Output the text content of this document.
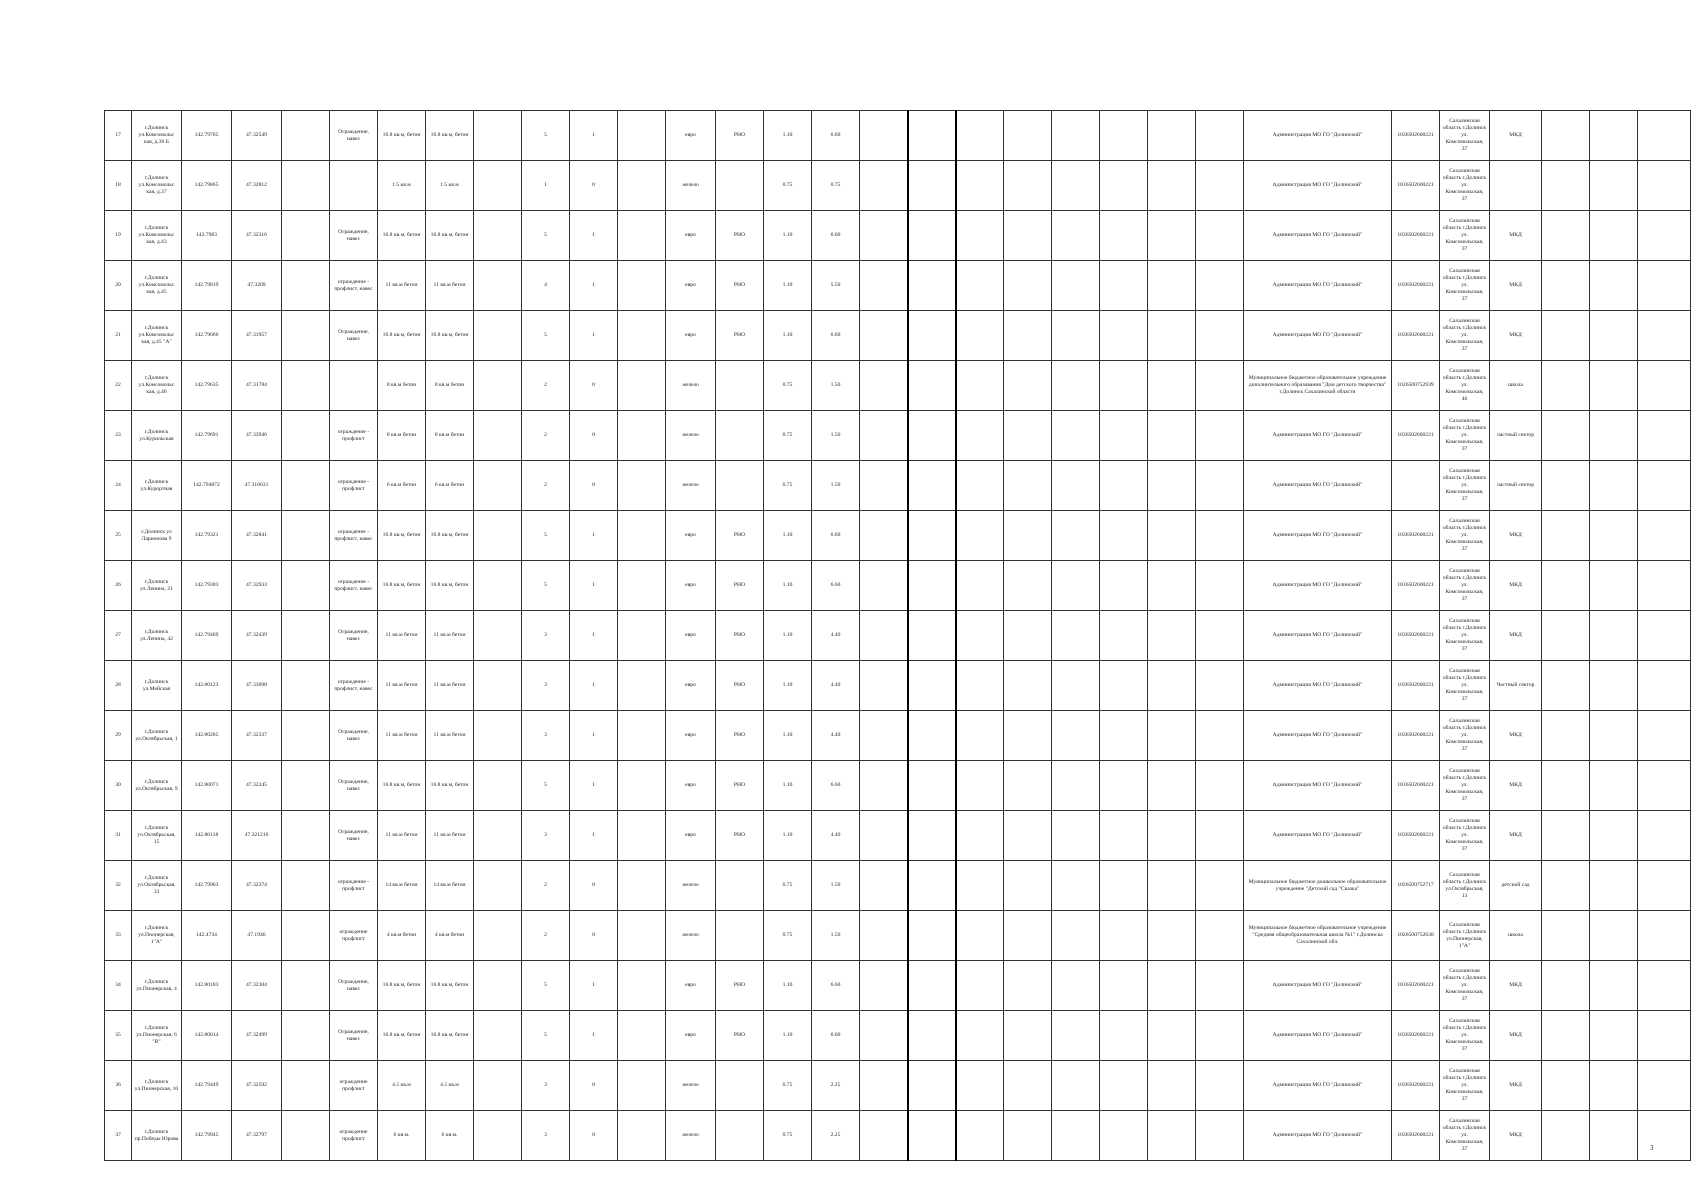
17	г.Долинск ул.Комсомольс кая, д.36 Б	142.79705	47.32549		Ограждение, навес	16.8 кв.м, бетон	16.8 кв.м, бетон		5	1		евро	РНО	1.10	6.60									Администрация МО ГО "Долинский"	1036502600221	Сахалинская область г.Долинск ул. Комсомольская, 37	МКД			
18	г.Долинск ул.Комсомольс кая, д.37	142.79865	47.32812			1.5 кв.м	1.5 кв.м		1	0		железо		0.75	0.75									Администрация МО ГО "Долинский"	1036502600221	Сахалинская область г.Долинск ул. Комсомольская, 37				
19	г.Долинск ул.Комсомольс кая, д.43	142.7983	47.32316		Ограждение, навес	16.8 кв.м, бетон	16.8 кв.м, бетон		5	1		евро	РНО	1.10	6.60									Администрация МО ГО "Долинский"	1036502600221	Сахалинская область г.Долинск ул. Комсомольская, 37	МКД			
20	г.Долинск ул.Комсомольс кая, д.45	142.79819	47.3209		ограждение - профлист, навес	11 кв.м бетон	11 кв.м бетон		4	1		евро	РНО	1.10	5.50									Администрация МО ГО "Долинский"	1036502600221	Сахалинская область г.Долинск ул. Комсомольская, 37	МКД			
21	г.Долинск ул.Комсомольс кая, д.45 "А"	142.79666	47.31957		Ограждение, навес	16.8 кв.м, бетон	16.8 кв.м, бетон		5	1		евро	РНО	1.10	6.60									Администрация МО ГО "Долинский"	1036502600221	Сахалинская область г.Долинск ул. Комсомольская, 37	МКД			
22	г.Долинск ул.Комсомольс кая, д.46	142.79635	47.31784			8 кв.м бетон	8 кв.м бетон		2	0		железо		0.75	1.50									Муниципальное бюджетное образовательное учреждение дополнительного образования "Дом детского творчества" г.Долинск Сахалинской области	1026500752939	Сахалинская область г.Долинск ул. Комсомольская, 46	школа			
23	г.Долинск ул.Курильская	142.79691	47.33946		ограждение - профлист	8 кв.м бетон	8 кв.м бетон		2	0		железо		0.75	1.50									Администрация МО ГО "Долинский"	1036502600221	Сахалинская область г.Долинск ул. Комсомольская, 37	частный сектор			
24	г.Долинск ул.Курортная	142.794872	47.316631		ограждение - профлист	6 кв.м бетон	6 кв.м бетон		2	0		железо		0.75	1.50									Администрация МО ГО "Долинский"		Сахалинская область г.Долинск ул. Комсомольская, 37	частный сектор			
25	г.Долинск ул Ларионова 9	142.79321	47.32841		ограждение - профлист, навес	16.8 кв.м, бетон	16.8 кв.м, бетон		5	1		евро	РНО	1.10	6.60									Администрация МО ГО "Долинский"	1036502600221	Сахалинская область г.Долинск ул. Комсомольская, 37	МКД			
26	г.Долинск ул.Ленина, 21	142.79303	47.32933		ограждение - профлист, навес	16.8 кв.м, бетон	16.8 кв.м, бетон		5	1		евро	РНО	1.10	6.60									Администрация МО ГО "Долинский"	1036502600221	Сахалинская область г.Долинск ул. Комсомольская, 37	МКД			
27	г.Долинск ул.Ленина, 42	142.79469	47.32439		Ограждение, навес	11 кв.м бетон	11 кв.м бетон		3	1		евро	РНО	1.10	4.40									Администрация МО ГО "Долинский"	1036502600221	Сахалинская область г.Долинск ул. Комсомольская, 37	МКД			
28	г.Долинск ул.Мейская	142.80123	47.33098		ограждение - профлист, навес	11 кв.м бетон	11 кв.м бетон		3	1		евро	РНО	1.10	4.40									Администрация МО ГО "Долинский"	1036502600221	Сахалинская область г.Долинск ул. Комсомольская, 37	Частный сектор			
29	г.Долинск ул.Октябрьская, 1	142.80285	47.32337		Ограждение, навес	11 кв.м бетон	11 кв.м бетон		3	1		евро	РНО	1.10	4.40									Администрация МО ГО "Долинский"	1036502600221	Сахалинская область г.Долинск ул. Комсомольская, 37	МКД			
30	г.Долинск ул.Октябрьская, 9	142.80071	47.32245		Ограждение, навес	16.8 кв.м, бетон	16.8 кв.м, бетон		5	1		евро	РНО	1.10	6.60									Администрация МО ГО "Долинский"	1036502600221	Сахалинская область г.Долинск ул. Комсомольская, 37	МКД			
31	г.Долинск ул.Октябрьская, 15	142.80118	47.321216		Ограждение, навес	11 кв.м бетон	11 кв.м бетон		3	1		евро	РНО	1.10	4.40									Администрация МО ГО "Долинский"	1036502600221	Сахалинская область г.Долинск ул. Комсомольская, 37	МКД			
32	г.Долинск ул.Октябрьская, 13	142.79963	47.32374		ограждение - профлист	14 кв.м бетон	14 кв.м бетон		2	0		железо		0.75	1.50									Муниципальное бюджетное дошкольное образовательное учреждение "Детский сад "Сказка"	1026500752717	Сахалинская область г.Долинск ул.Октябрьская, 13	детский сад			
33	г.Долинск ул.Пионерская, 1"А"	142.4734	47.1946		ограждение профлист	4 кв.м бетон	4 кв.м бетон		2	0		железо		0.75	1.50									Муниципальное бюджетное образовательное учреждение "Средняя общеобразовательная школа №1" г.Долинска Сахалинской обл.	1026500752630	Сахалинская область г.Долинск ул.Пионерская, 1"А"	школа			
34	г.Долинск ул.Пионерская, 4	142.80183	47.32304		Ограждение, навес	16.8 кв.м, бетон	16.8 кв.м, бетон		5	1		евро	РНО	1.10	6.60									Администрация МО ГО "Долинский"	1036502600221	Сахалинская область г.Долинск ул. Комсомольская, 37	МКД			
35	г.Долинск ул.Пионерская, 6 "В"	142.80014	47.32499		Ограждение, навес	16.8 кв.м, бетон	16.8 кв.м, бетон		5	1		евро	РНО	1.10	6.60									Администрация МО ГО "Долинский"	1036502600221	Сахалинская область г.Долинск ул. Комсомольская, 37	МКД			
36	г.Долинск ул.Пионерская, 10	142.79449	47.32592		ограждение профлист	4.5 кв.м	4.5 кв.м		3	0		железо		0.75	2.25									Администрация МО ГО "Долинский"	1036502600221	Сахалинская область г.Долинск ул. Комсомольская, 37	МКД			
37	г.Долинск пр.Победы Юрова	142.79945	47.32797		ограждение профлист	6 кв.м.	6 кв.м.		3	0		железо		0.75	2.25									Администрация МО ГО "Долинский"	1036502600221	Сахалинская область г.Долинск ул. Комсомольская, 37	МКД			
3
